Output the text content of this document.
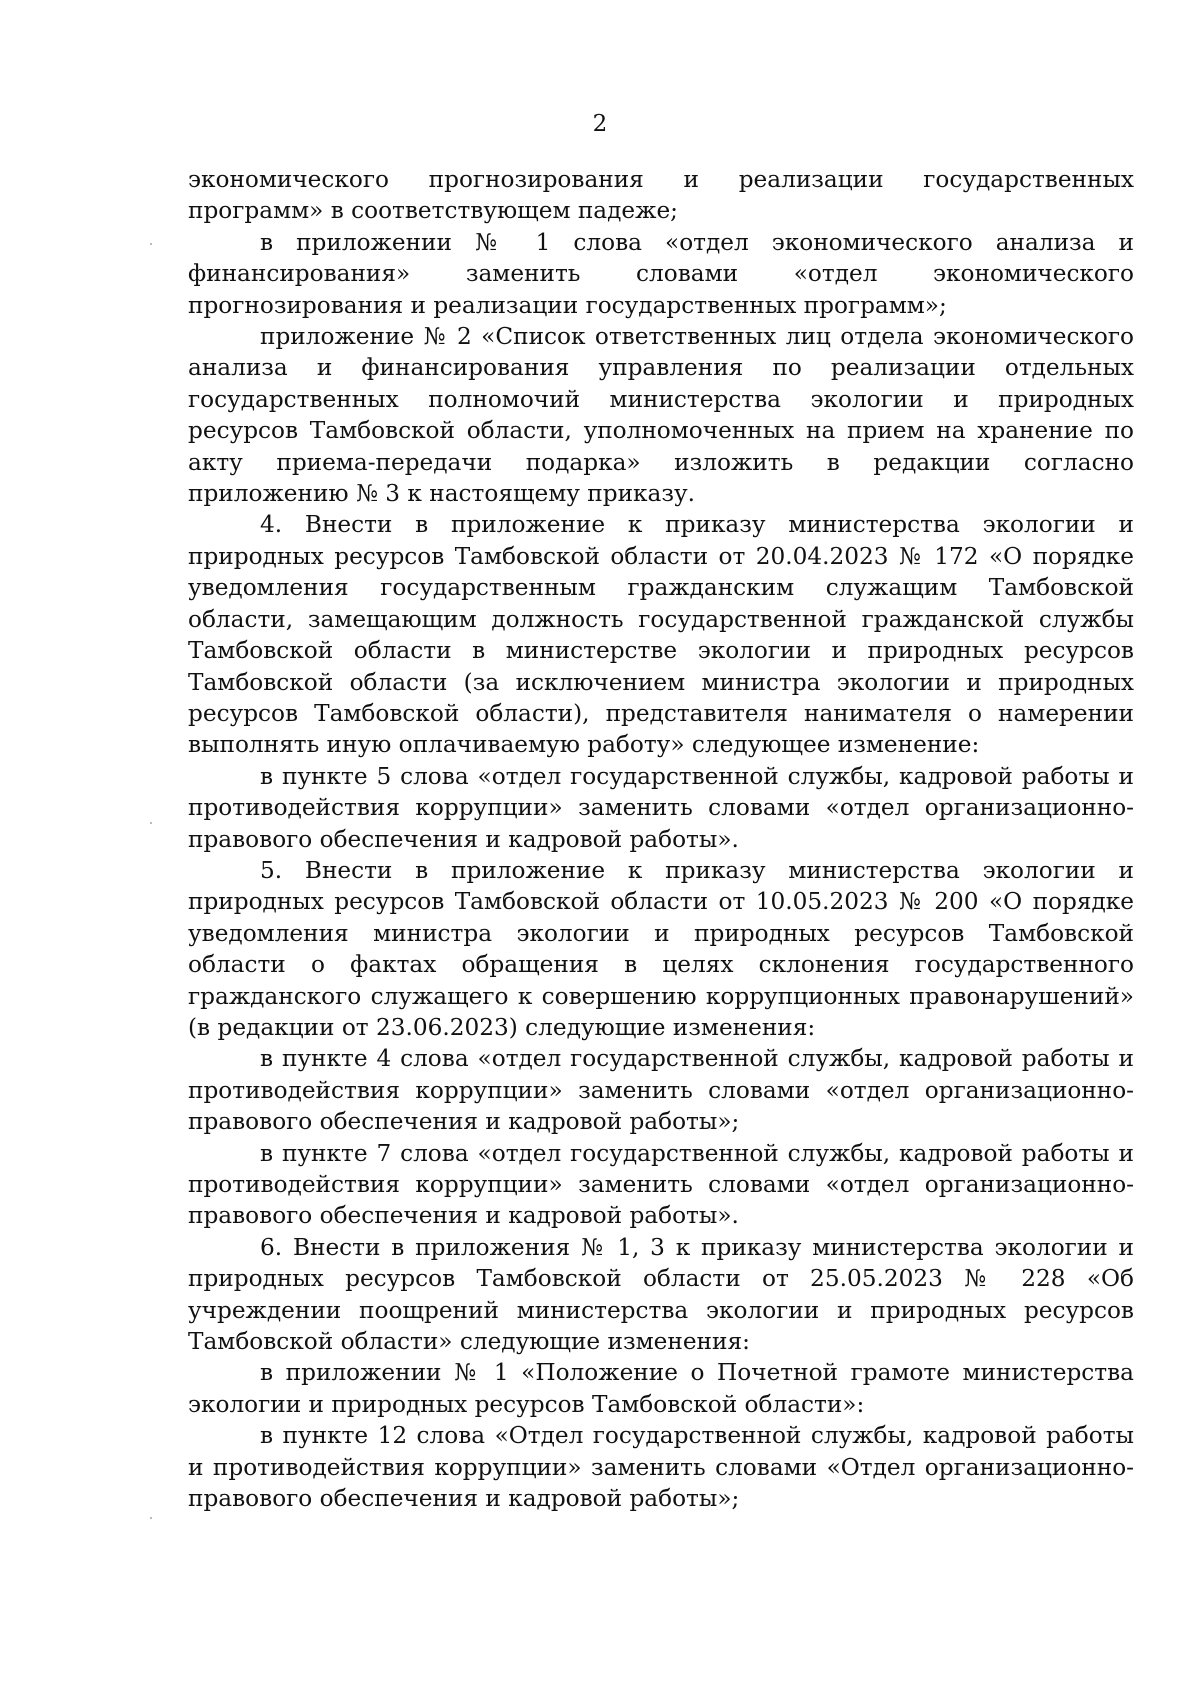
2

экономического прогнозирования и реализации государственных программ» в соответствующем падеже;

в приложении № 1 слова «отдел экономического анализа и финансирования» заменить словами «отдел экономического прогнозирования и реализации государственных программ»;

приложение № 2 «Список ответственных лиц отдела экономического анализа и финансирования управления по реализации отдельных государственных полномочий министерства экологии и природных ресурсов Тамбовской области, уполномоченных на прием на хранение по акту приема-передачи подарка» изложить в редакции согласно приложению № 3 к настоящему приказу.

4. Внести в приложение к приказу министерства экологии и природных ресурсов Тамбовской области от 20.04.2023 № 172 «О порядке уведомления государственным гражданским служащим Тамбовской области, замещающим должность государственной гражданской службы Тамбовской области в министерстве экологии и природных ресурсов Тамбовской области (за исключением министра экологии и природных ресурсов Тамбовской области), представителя нанимателя о намерении выполнять иную оплачиваемую работу» следующее изменение:

в пункте 5 слова «отдел государственной службы, кадровой работы и противодействия коррупции» заменить словами «отдел организационно-правового обеспечения и кадровой работы».

5. Внести в приложение к приказу министерства экологии и природных ресурсов Тамбовской области от 10.05.2023 № 200 «О порядке уведомления министра экологии и природных ресурсов Тамбовской области о фактах обращения в целях склонения государственного гражданского служащего к совершению коррупционных правонарушений» (в редакции от 23.06.2023) следующие изменения:

в пункте 4 слова «отдел государственной службы, кадровой работы и противодействия коррупции» заменить словами «отдел организационно-правового обеспечения и кадровой работы»;

в пункте 7 слова «отдел государственной службы, кадровой работы и противодействия коррупции» заменить словами «отдел организационно-правового обеспечения и кадровой работы».

6. Внести в приложения № 1, 3 к приказу министерства экологии и природных ресурсов Тамбовской области от 25.05.2023 № 228 «Об учреждении поощрений министерства экологии и природных ресурсов Тамбовской области» следующие изменения:

в приложении № 1 «Положение о Почетной грамоте министерства экологии и природных ресурсов Тамбовской области»:

в пункте 12 слова «Отдел государственной службы, кадровой работы и противодействия коррупции» заменить словами «Отдел организационно-правового обеспечения и кадровой работы»;
